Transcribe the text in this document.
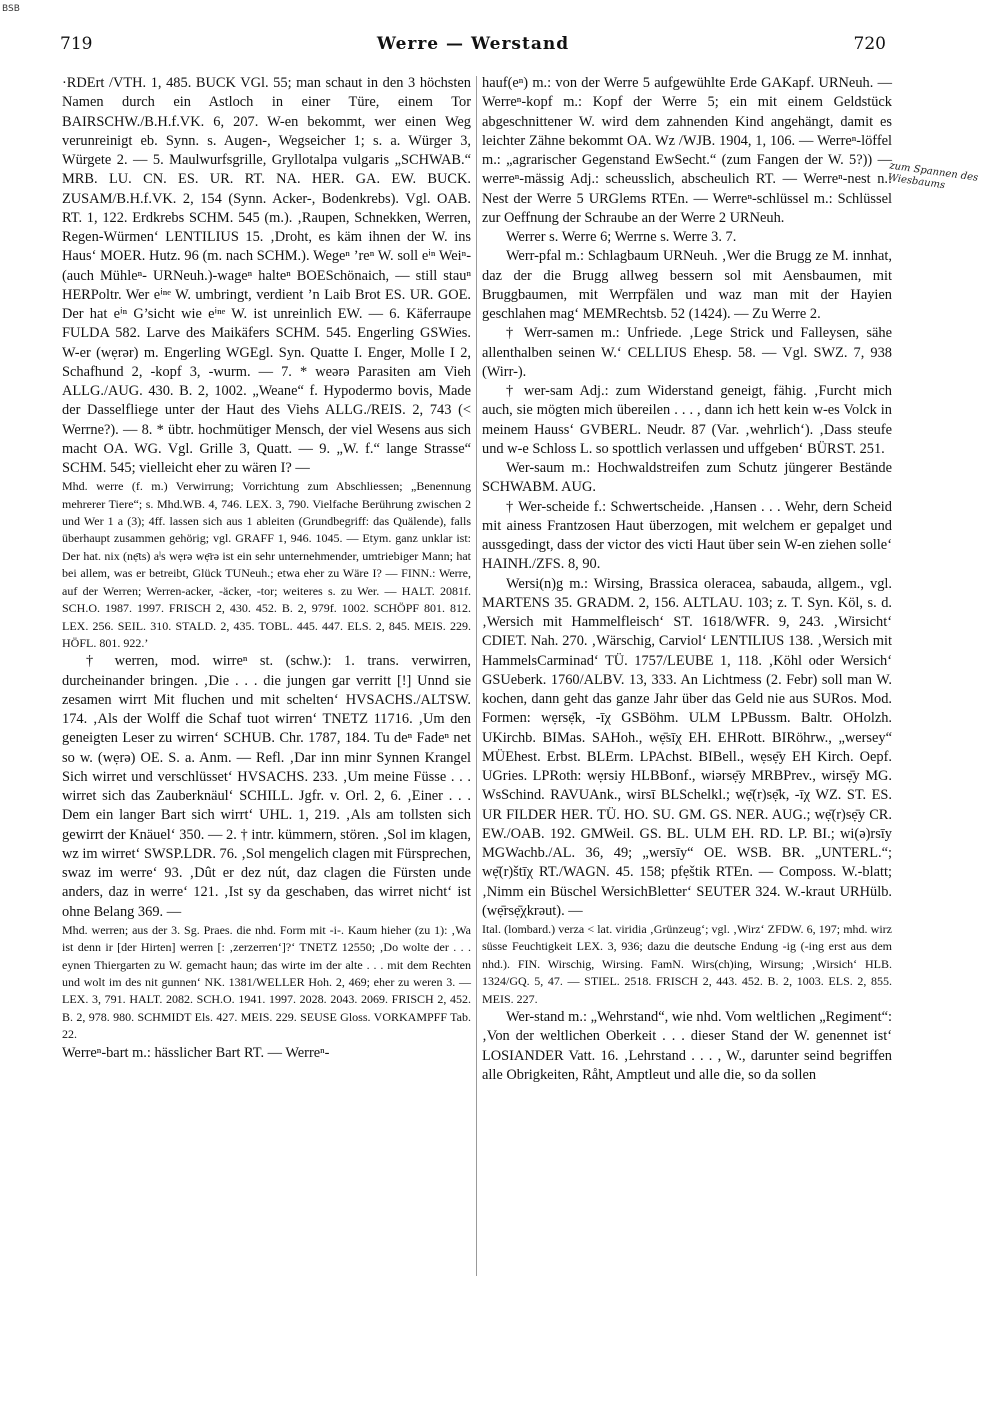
BSB
719	Werre — Werstand	720

·RDErt /VTH. 1, 485. BUCK VGl. 55; man schaut in den 3 höchsten Namen durch ein Astloch in einer Türe, einem Tor BAIRSCHW./B.H.f.VK. 6, 207. W-en bekommt, wer einen Weg verunreinigt eb. Synn. s. Augen-, Wegseicher 1; s. a. Würger 3, Würgete 2. — 5. Maulwurfsgrille, Gryllotalpa vulgaris „SCHWAB.“ MRB. LU. CN. ES. UR. RT. NA. HER. GA. EW. BUCK. ZUSAM/B.H.f.VK. 2, 154 (Synn. Acker-, Bodenkrebs). Vgl. OAB. RT. 1, 122. Erdkrebs SCHM. 545 (m.). ‚Raupen, Schnekken, Werren, Regen-Würmen‘ LENTILIUS 15. ‚Droht, es käm ihnen der W. ins Haus‘ MOER. Hutz. 96 (m. nach SCHM.). Wegeⁿ ’reⁿ W. soll eⁱⁿ Weiⁿ- (auch Mühleⁿ- URNeuh.)-wageⁿ halteⁿ BOESchönaich, — still stauⁿ HERPoltr. Wer eⁱⁿᵉ W. umbringt, verdient ’n Laib Brot ES. UR. GOE. Der hat eⁱⁿ G’sicht wie eⁱⁿᵉ W. ist unreinlich EW. — 6. Käferraupe FULDA 582. Larve des Maikäfers SCHM. 545. Engerling GSWies. W-er (wẹrər) m. Engerling WGEgl. Syn. Quatte I. Enger, Molle I 2, Schafhund 2, -kopf 3, -wurm. — 7. * weərə Parasiten am Vieh ALLG./AUG. 430. B. 2, 1002. „Weane“ f. Hypodermo bovis, Made der Dasselfliege unter der Haut des Viehs ALLG./REIS. 2, 743 (< Werrne?). — 8. * übtr. hochmütiger Mensch, der viel Wesens aus sich macht OA. WG. Vgl. Grille 3, Quatt. — 9. „W. f.“ lange Strasse“ SCHM. 545; vielleicht eher zu wären I? —

Mhd. werre (f. m.) Verwirrung; Vorrichtung zum Abschliessen; „Benennung mehrerer Tiere“; s. Mhd.WB. 4, 746. LEX. 3, 790. Vielfache Berührung zwischen 2 und Wer 1 a (3); 4ff. lassen sich aus 1 ableiten (Grundbegriff: das Quälende), falls überhaupt zusammen gehörig; vgl. GRAFF 1, 946. 1045. — Etym. ganz unklar ist: Der hat. nix (nẹ̄ts) aˡs wẹrə wẹ̄rə ist ein sehr unternehmender, umtriebiger Mann; hat bei allem, was er betreibt, Glück TUNeuh.; etwa eher zu Wäre I? — FINN.: Werre, auf der Werren; Werren-acker, -äcker, -tor; weiteres s. zu Wer. — HALT. 2081f. SCH.O. 1987. 1997. FRISCH 2, 430. 452. B. 2, 979f. 1002. SCHÖPF 801. 812. LEX. 256. SEIL. 310. STALD. 2, 435. TOBL. 445. 447. ELS. 2, 845. MEIS. 229. HÖFL. 801. 922.’

† werren, mod. wirreⁿ st. (schw.): 1. trans. verwirren, durcheinander bringen. ‚Die . . . die jungen gar verritt [!] Unnd sie zesamen wirrt Mit fluchen und mit schelten‘ HVSACHS./ALTSW. 174. ‚Als der Wolff die Schaf tuot wirren‘ TNETZ 11716. ‚Um den geneigten Leser zu wirren‘ SCHUB. Chr. 1787, 184. Tu deⁿ Fadeⁿ net so w. (wẹrə) OE. S. a. Anm. — Refl. ‚Dar inn minr Synnen Krangel Sich wirret und verschlüsset‘ HVSACHS. 233. ‚Um meine Füsse . . . wirret sich das Zauberknäul‘ SCHILL. Jgfr. v. Orl. 2, 6. ‚Einer . . . Dem ein langer Bart sich wirrt‘ UHL. 1, 219. ‚Als am tollsten sich gewirrt der Knäuel‘ 350. — 2. † intr. kümmern, stören. ‚Sol im klagen, wz im wirret‘ SWSP.LDR. 76. ‚Sol mengelich clagen mit Fürsprechen, swaz im werre‘ 93. ‚Dût er dez nút, daz clagen die Fürsten unde anders, daz in werre‘ 121. ‚Ist sy da geschaben, das wirret nicht‘ ist ohne Belang 369. —

Mhd. werren; aus der 3. Sg. Praes. die nhd. Form mit -i-. Kaum hieher (zu 1): ‚Wa ist denn ir [der Hirten] werren [: ‚zerzerren‘]?‘ TNETZ 12550; ‚Do wolte der . . . eynen Thiergarten zu W. gemacht haun; das wirte im der alte . . . mit dem Rechten und wolt im des nit gunnen‘ NK. 1381/WELLER Hoh. 2, 469; eher zu weren 3. — LEX. 3, 791. HALT. 2082. SCH.O. 1941. 1997. 2028. 2043. 2069. FRISCH 2, 452. B. 2, 978. 980. SCHMIDT Els. 427. MEIS. 229. SEUSE Gloss. VORKAMPFF Tab. 22.

Werreⁿ-bart m.: hässlicher Bart RT. — Werreⁿ-

hauf(eⁿ) m.: von der Werre 5 aufgewühlte Erde GAKapf. URNeuh. — Werreⁿ-kopf m.: Kopf der Werre 5; ein mit einem Geldstück abgeschnittener W. wird dem zahnenden Kind angehängt, damit es leichter Zähne bekommt OA. Wz /WJB. 1904, 1, 106. — Werreⁿ-löffel m.: „agrarischer Gegenstand EwSecht.“ (zum Fangen der W. 5?)) — werreⁿ-mässig Adj.: scheusslich, abscheulich RT. — Werreⁿ-nest n.: Nest der Werre 5 URGlems RTEn. — Werreⁿ-schlüssel m.: Schlüssel zur Oeffnung der Schraube an der Werre 2 URNeuh.

Werrer s. Werre 6; Werrne s. Werre 3. 7.

Werr-pfal m.: Schlagbaum URNeuh. ‚Wer die Brugg ze M. innhat, daz der die Brugg allweg bessern sol mit Aensbaumen, mit Bruggbaumen, mit Werrpfälen und waz man mit der Hayien geschlahen mag‘ MEMRechtsb. 52 (1424). — Zu Werre 2.

† Werr-samen m.: Unfriede. ‚Lege Strick und Falleysen, sähe allenthalben seinen W.‘ CELLIUS Ehesp. 58. — Vgl. SWZ. 7, 938 (Wirr-).

† wer-sam Adj.: zum Widerstand geneigt, fähig. ‚Furcht mich auch, sie mögten mich übereilen . . . , dann ich hett kein w-es Volck in meinem Hauss‘ GVBERL. Neudr. 87 (Var. ‚wehrlich‘). ‚Dass steufe und w-e Schloss L. so spottlich verlassen und uffgeben‘ BÜRST. 251.

Wer-saum m.: Hochwaldstreifen zum Schutz jüngerer Bestände SCHWABM. AUG.

† Wer-scheide f.: Schwertscheide. ‚Hansen . . . Wehr, dern Scheid mit ainess Frantzosen Haut überzogen, mit welchem er gepalget und aussgedingt, dass der victor des victi Haut über sein W-en ziehen solle‘ HAINH./ZFS. 8, 90.

Wersi(n)g m.: Wirsing, Brassica oleracea, sabauda, allgem., vgl. MARTENS 35. GRADM. 2, 156. ALTLAU. 103; z. T. Syn. Köl, s. d. ‚Wersich mit Hammelfleisch‘ ST. 1618/WFR. 9, 243. ‚Wirsicht‘ CDIET. Nah. 270. ‚Wärschig, Carviol‘ LENTILIUS 138. ‚Wersich mit HammelsCarminad‘ TÜ. 1757/LEUBE 1, 118. ‚Köhl oder Wersich‘ GSUeberk. 1760/ALBV. 13, 333. An Lichtmess (2. Febr) soll man W. kochen, dann geht das ganze Jahr über das Geld nie aus SURos. Mod. Formen: wẹrsẹ̄k, -īχ GSBöhm. ULM LPBussm. Baltr. OHolzh. UKirchb. BIMas. SAHoh., wẹ̄sīχ EH. EHRott. BIRöhrw., „wersey“ MÜEhest. Erbst. BLErm. LPAchst. BIBell., wẹsẹ̄y EH Kirch. Oepf. UGries. LPRoth: wẹrsiy HLBBonf., wiərsẹ̄y MRBPrev., wirsẹ̄y MG. WsSchind. RAVUAnk., wirsī BLSchelkl.; wẹ̄(r)sẹ̄k, -īχ WZ. ST. ES. UR FILDER HER. TÜ. HO. SU. GM. GS. NER. AUG.; wẹ̄(r)sẹ̄y CR. EW./OAB. 192. GMWeil. GS. BL. ULM EH. RD. LP. BI.; wi(ə)rsīy MGWachb./AL. 36, 49; „wersīy“ OE. WSB. BR. „UNTERL.“; wẹ̄(r)štīχ RT./WAGN. 45. 158; pfẹštik RTEn. — Composs. W.-blatt; ‚Nimm ein Büschel WersichBletter‘ SEUTER 324. W.-kraut URHülb. (wẹ̄rsẹ̄χkrəut). —

Ital. (lombard.) verza < lat. viridia ‚Grünzeug‘; vgl. ‚Wirz‘ ZFDW. 6, 197; mhd. wirz süsse Feuchtigkeit LEX. 3, 936; dazu die deutsche Endung -ig (-ing erst aus dem nhd.). FIN. Wirschig, Wirsing. FamN. Wirs(ch)ing, Wirsung; ‚Wirsich‘ HLB. 1324/GQ. 5, 47. — STIEL. 2518. FRISCH 2, 443. 452. B. 2, 1003. ELS. 2, 855. MEIS. 227.

Wer-stand m.: „Wehrstand“, wie nhd. Vom weltlichen „Regiment“: ‚Von der weltlichen Oberkeit . . . dieser Stand der W. genennet ist‘ LOSIANDER Vatt. 16. ‚Lehrstand . . . , W., darunter seind begriffen alle Obrigkeiten, Råht, Amptleut und alle die, so da sollen

zum Spannen des Wiesbaums
